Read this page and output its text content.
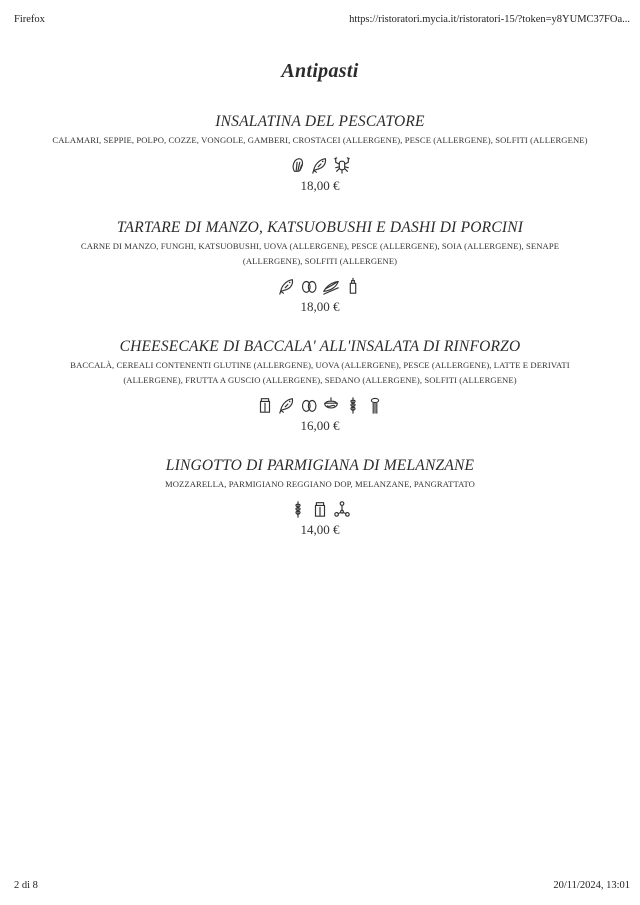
Firefox	https://ristoratori.mycia.it/ristoratori-15/?token=y8YUMC37FOa...
Antipasti
INSALATINA DEL PESCATORE
CALAMARI, SEPPIE, POLPO, COZZE, VONGOLE, GAMBERI, CROSTACEI (ALLERGENE), PESCE (ALLERGENE), SOLFITI (ALLERGENE)
18,00 €
TARTARE DI MANZO, KATSUOBUSHI E DASHI DI PORCINI
CARNE DI MANZO, FUNGHI, KATSUOBUSHI, UOVA (ALLERGENE), PESCE (ALLERGENE), SOIA (ALLERGENE), SENAPE (ALLERGENE), SOLFITI (ALLERGENE)
18,00 €
CHEESECAKE DI BACCALA' ALL'INSALATA DI RINFORZO
BACCALÀ, CEREALI CONTENENTI GLUTINE (ALLERGENE), UOVA (ALLERGENE), PESCE (ALLERGENE), LATTE E DERIVATI (ALLERGENE), FRUTTA A GUSCIO (ALLERGENE), SEDANO (ALLERGENE), SOLFITI (ALLERGENE)
16,00 €
LINGOTTO DI PARMIGIANA DI MELANZANE
MOZZARELLA, PARMIGIANO REGGIANO DOP, MELANZANE, PANGRATTATO
14,00 €
2 di 8	20/11/2024, 13:01
